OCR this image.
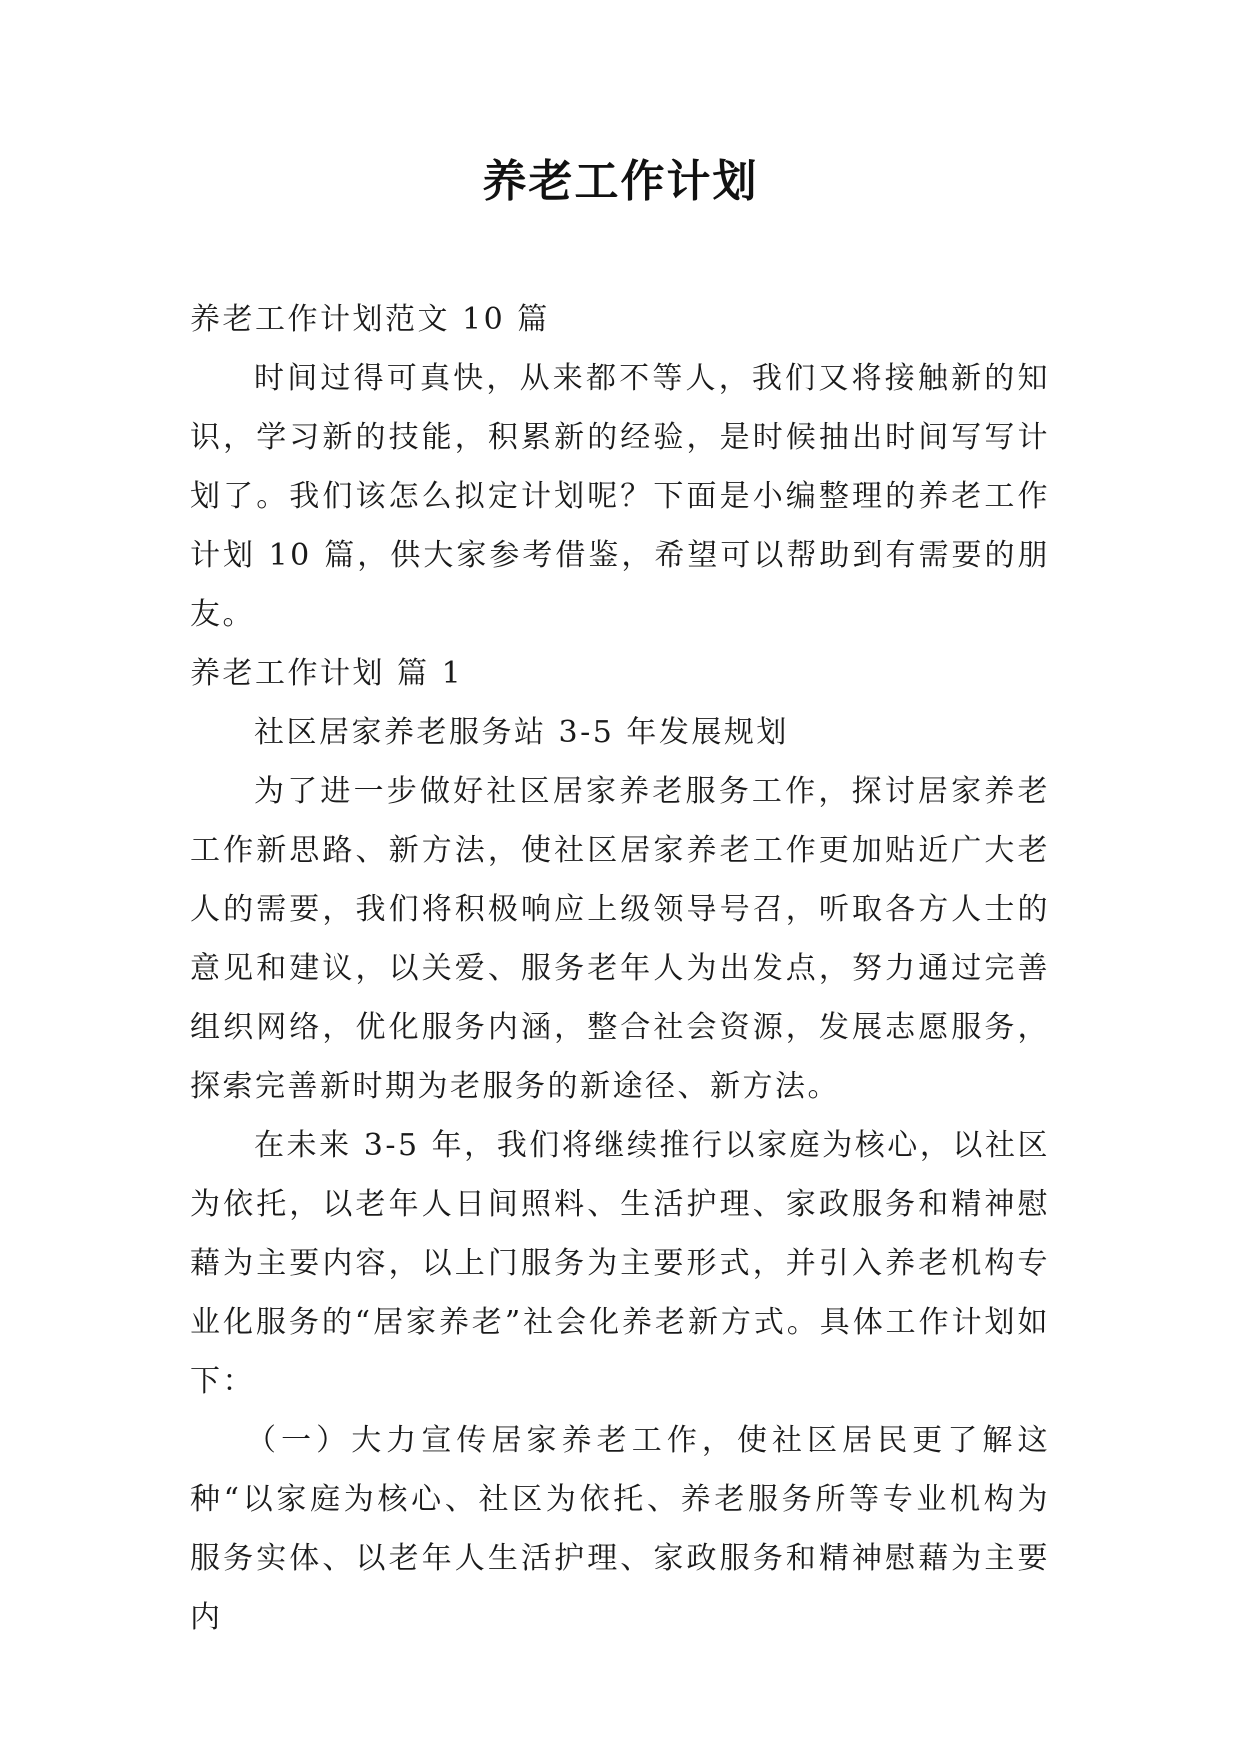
养老工作计划

养老工作计划范文 10 篇

时间过得可真快，从来都不等人，我们又将接触新的知识，学习新的技能，积累新的经验，是时候抽出时间写写计划了。我们该怎么拟定计划呢？下面是小编整理的养老工作计划 10 篇，供大家参考借鉴，希望可以帮助到有需要的朋友。

养老工作计划 篇 1

社区居家养老服务站 3-5 年发展规划

为了进一步做好社区居家养老服务工作，探讨居家养老工作新思路、新方法，使社区居家养老工作更加贴近广大老人的需要，我们将积极响应上级领导号召，听取各方人士的意见和建议，以关爱、服务老年人为出发点，努力通过完善组织网络，优化服务内涵，整合社会资源，发展志愿服务，探索完善新时期为老服务的新途径、新方法。

在未来 3-5 年，我们将继续推行以家庭为核心，以社区为依托，以老年人日间照料、生活护理、家政服务和精神慰藉为主要内容，以上门服务为主要形式，并引入养老机构专业化服务的“居家养老”社会化养老新方式。具体工作计划如下：

（一）大力宣传居家养老工作，使社区居民更了解这种“以家庭为核心、社区为依托、养老服务所等专业机构为服务实体、以老年人生活护理、家政服务和精神慰藉为主要内
